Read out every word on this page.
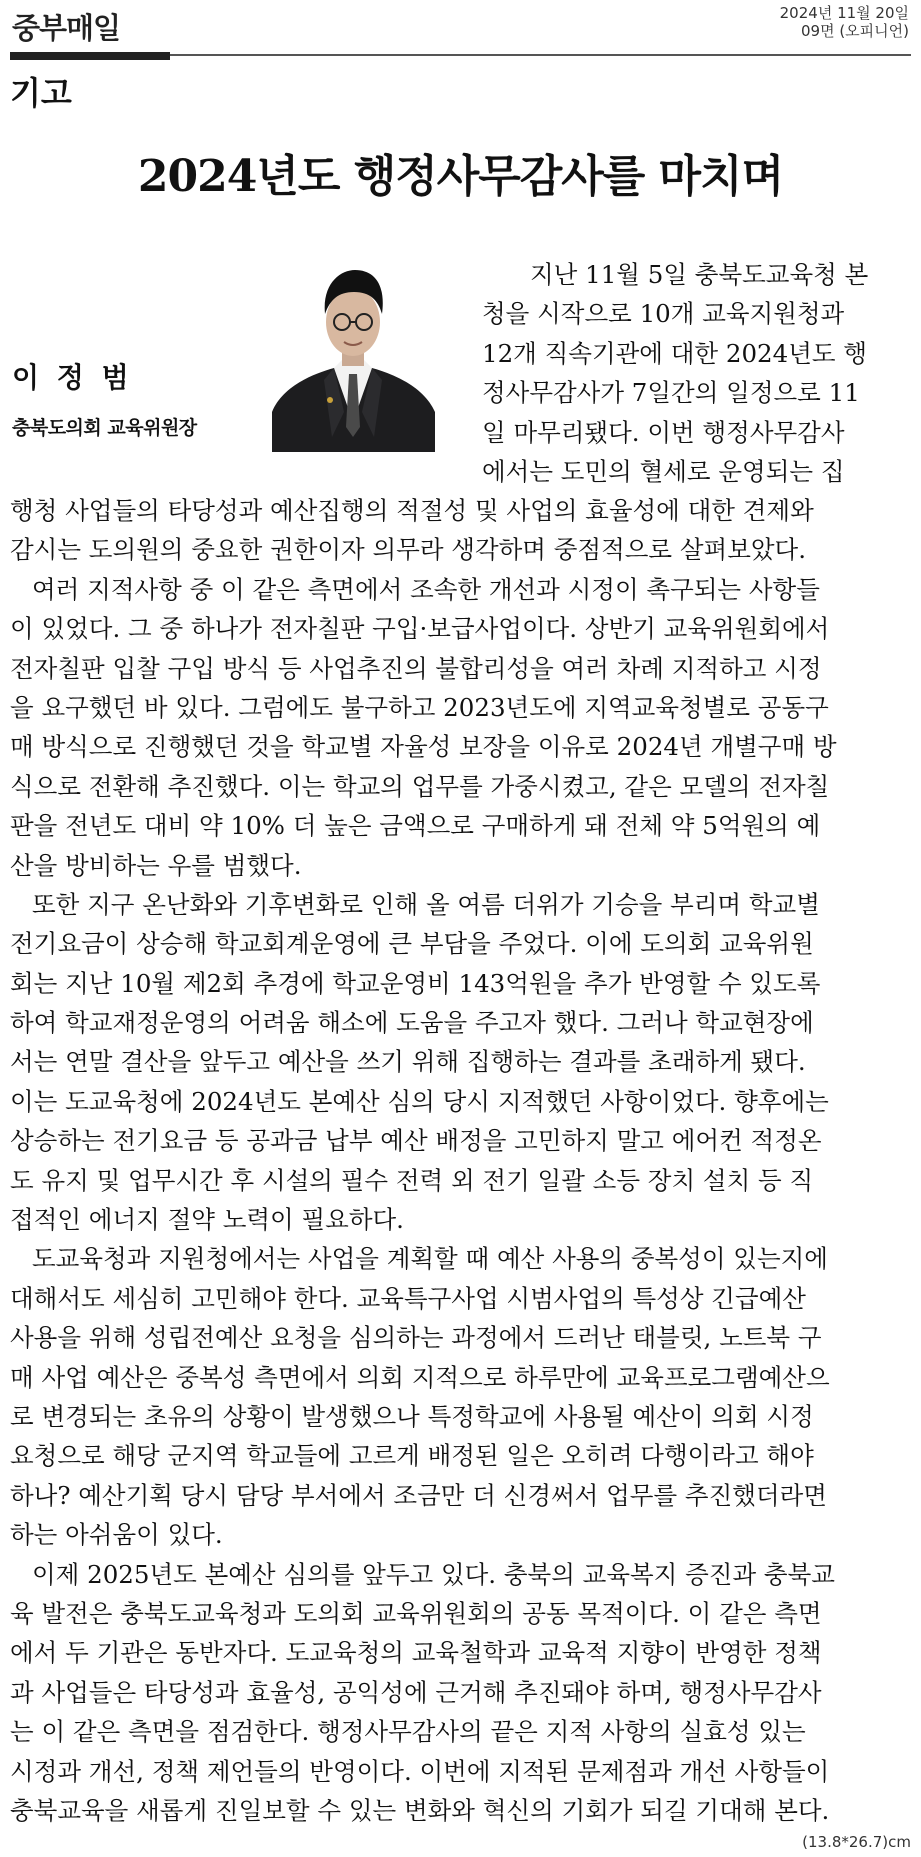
중부매일	2024년 11월 20일
09면 (오피니언)
기고
2024년도 행정사무감사를 마치며
이 정 범
충북도의회 교육위원장
지난 11월 5일 충북도교육청 본
청을 시작으로 10개 교육지원청과
12개 직속기관에 대한 2024년도 행
정사무감사가 7일간의 일정으로 11
일 마무리됐다. 이번 행정사무감사
에서는 도민의 혈세로 운영되는 집
행청 사업들의 타당성과 예산집행의 적절성 및 사업의 효율성에 대한 견제와
감시는 도의원의 중요한 권한이자 의무라 생각하며 중점적으로 살펴보았다.
여러 지적사항 중 이 같은 측면에서 조속한 개선과 시정이 촉구되는 사항들
이 있었다. 그 중 하나가 전자칠판 구입·보급사업이다. 상반기 교육위원회에서
전자칠판 입찰 구입 방식 등 사업추진의 불합리성을 여러 차례 지적하고 시정
을 요구했던 바 있다. 그럼에도 불구하고 2023년도에 지역교육청별로 공동구
매 방식으로 진행했던 것을 학교별 자율성 보장을 이유로 2024년 개별구매 방
식으로 전환해 추진했다. 이는 학교의 업무를 가중시켰고, 같은 모델의 전자칠
판을 전년도 대비 약 10% 더 높은 금액으로 구매하게 돼 전체 약 5억원의 예
산을 방비하는 우를 범했다.
또한 지구 온난화와 기후변화로 인해 올 여름 더위가 기승을 부리며 학교별
전기요금이 상승해 학교회계운영에 큰 부담을 주었다. 이에 도의회 교육위원
회는 지난 10월 제2회 추경에 학교운영비 143억원을 추가 반영할 수 있도록
하여 학교재정운영의 어려움 해소에 도움을 주고자 했다. 그러나 학교현장에
서는 연말 결산을 앞두고 예산을 쓰기 위해 집행하는 결과를 초래하게 됐다.
이는 도교육청에 2024년도 본예산 심의 당시 지적했던 사항이었다. 향후에는
상승하는 전기요금 등 공과금 납부 예산 배정을 고민하지 말고 에어컨 적정온
도 유지 및 업무시간 후 시설의 필수 전력 외 전기 일괄 소등 장치 설치 등 직
접적인 에너지 절약 노력이 필요하다.
도교육청과 지원청에서는 사업을 계획할 때 예산 사용의 중복성이 있는지에
대해서도 세심히 고민해야 한다. 교육특구사업 시범사업의 특성상 긴급예산
사용을 위해 성립전예산 요청을 심의하는 과정에서 드러난 태블릿, 노트북 구
매 사업 예산은 중복성 측면에서 의회 지적으로 하루만에 교육프로그램예산으
로 변경되는 초유의 상황이 발생했으나 특정학교에 사용될 예산이 의회 시정
요청으로 해당 군지역 학교들에 고르게 배정된 일은 오히려 다행이라고 해야
하나? 예산기획 당시 담당 부서에서 조금만 더 신경써서 업무를 추진했더라면
하는 아쉬움이 있다.
이제 2025년도 본예산 심의를 앞두고 있다. 충북의 교육복지 증진과 충북교
육 발전은 충북도교육청과 도의회 교육위원회의 공동 목적이다. 이 같은 측면
에서 두 기관은 동반자다. 도교육청의 교육철학과 교육적 지향이 반영한 정책
과 사업들은 타당성과 효율성, 공익성에 근거해 추진돼야 하며, 행정사무감사
는 이 같은 측면을 점검한다. 행정사무감사의 끝은 지적 사항의 실효성 있는
시정과 개선, 정책 제언들의 반영이다. 이번에 지적된 문제점과 개선 사항들이
충북교육을 새롭게 진일보할 수 있는 변화와 혁신의 기회가 되길 기대해 본다.
(13.8*26.7)cm
